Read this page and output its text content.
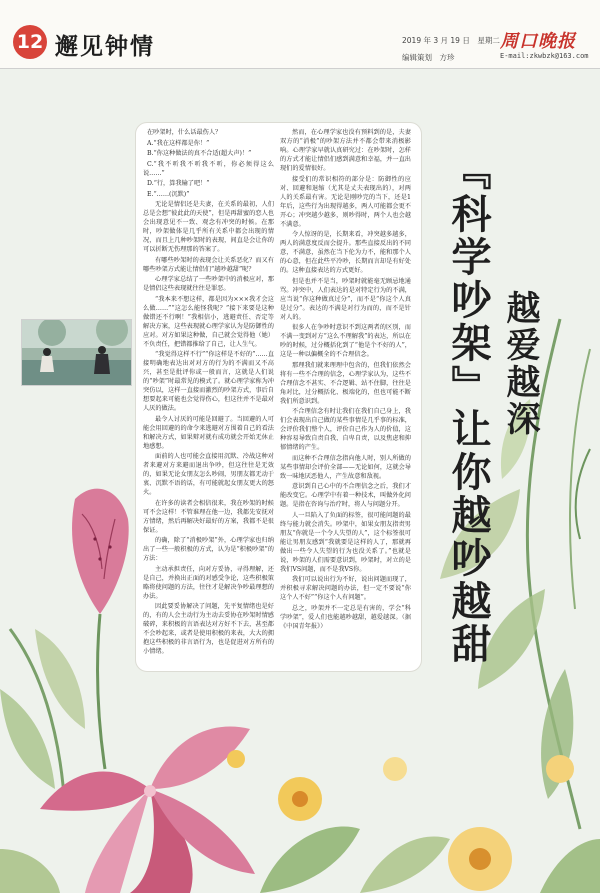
12 邂见钟情	2019 年 3 月 19 日　星期二
编辑策划　方珍
周口晚报
E-mail:zkwbzk@163.com

在吵架时，什么话最伤人？

A.“我在这样都是你！”

B.“你这种做法的真不合适(超大声)！”

C.“我不听我不听我不听，你必须得这么说……”

D.“行，算我输了吧！”

E.“……(沉默)”

无论是情侣还是夫妻，在关系的最初，人们总是会想“彼此此的天使”，但是再甜蜜的恋人也会出现意见不一致、观念有冲突的时候。在那时，吵架做体是几乎所有关系中都会出现的情况，而且上几种吵架时的表现，间直是会让你的可以折断无伤理那的答案了。

有哪些吵架时的表现会让关系恶化？而又有哪些吵架方式能让情侣们“越吵越甜”呢？

心理学家总结了一些吵架中的消极应对，那是情侣这些表现就往往是罪恶。

“我本来不想这样，都是因为×××我才会这么做……”“这怎么能怪我呢？”接下来要是这种做错还不行啊！”我相信小，逃避责任、否定等解决方案，这些表现就心理学家认为是防御性的应对。对方如果这种做，自己就会觉得他（她）不负责任，把错都推给了自己，让人生气。

“我觉得这样不行”“你这样是不好的”……直接明确地表达出对对方的行为的不满而又不高兴，甚至是批评你或一般而言，这就是人们说的“吵架”时最常见的模式了。就心理学家称为冲突仿以，这样一直接而激烈的吵架方式，事后自想要起来可能也会觉得伤心，但这往并不是最对人厌的做法。

最令人讨厌的可能是回避了。当回避的人可能会用回避的的命令来逃避对方围着自己的看法和解决方式，如果辩对就有成功就会开始无休止地感想。

面前的人也可能会直接用沉默、冷战这种对者来避对方来避而退出争吵，但这往往是无效的，如果无论女朋友怎么吵闹，男朋友都无动于衷、沉默不语的话，有可能就起女朋友更大的怒火。

在许多的读者会相信很来，我在吵架的时候可不会这样！不管谁理在他一边，我都先安抚对方情绪，然后再解决好最好的方案，我都不是很保证。

的确，除了“消极吵架”外，心理学家也归纳出了一些一般积极的方式，认为是“积极吵架”的方法：

主动承担责任，向对方妥协，寻得理解，还是自己，并换出正面的对感受争论，这些积极策略将使问题的方法，往往才是解决争吵最理想的办法。

因此要妥协解决了问题，先平复情绪也是好的，有的人会主动行为主动去妥协在吵架时情感破碎，来积极的言语表达对方好不下去，甚至都不会吵起来，或者是使用积极的来表，大大的拥抱这些积极的非言语行为，也是促进对方所有的小情绪。

然而，在心理学家也没有预料到的是，夫妻双方的“消极”的吵架方法并不都会带来消极影响。心理学家早就认真研究过：在吵架时，怎样的方式才能让情侣们感到满意和幸福，并一直出现们的爱情很好。

接受们的常识相符的部分是：防御性的应对、回避和退缩（尤其是丈夫表现出的），对两人的关系最有害。无论是刚吵完的当下，还是1年后，这些行为出现得越多，两人可能都会更不开心；冲突越少越多，则吵得时，两个人也会越不满意。

令人惊讶的是，长期来看，冲突越多越多，两人的满意度反而会提升。那些直接反出的不同意，不满意，虽然在当下伦为力不，能和那个人的心意，但在此些平冷吵，长期而言却是有好处的。这种直接表达的方式更好。

但是也并不是当，吵架时就能毫无顾忌地通骂。冲突中，人们表达的是对特定行为的不满，应当说“你这种做真过分”，而不是“你这个人真是过分”。表达的不满是对行为而的，而不是针对人的。

很多人在争吵时意识不到这两者的区别，而不满一变到对方“这么不理解我”的表达，所以在吵的时候，过分概括化到了“他是个不好的人”，这是一种以偏概全的不合理信念。

那理我们就来理理中包含的，但我们依然会将有一些不合理的信念，心理学家认为，这些不合理信念不甚实、不合逻辑、站不住脚，往往是角对比，过分概括化、极端化的，但也可能不断我们所意识到。

不合理信念有时让我们在我们自己身上，我们会表现出自己做的某些事情是几乎事的标准，会评价我们整个人，评价自己作为人的价值，这种容易导致自责自我、自卑自责，以及焦虑和抑郁情绪的产生。

而这种不合理信念指向他人时，别人所做的某些事情却会评价全部——无论如何，这就会导致一味地厌恶他人，产生故意和敌视。

意识到自己心中的不合理信念之后，我们才能改变它。心理学中有着一种技术，叫做外化问题。是指在咨询与治疗时，将人与问题分开。

人一旦陷入了负面的标签，很可能问题的最终与能力就会消失。吵架中，如果女朋友指责男朋友“你就是一个令人失望的人”，这个标签很可能让男朋友感到“我就要是这样的人了，那就再做出一些令人失望的行为也没关系了。”也就是说，吵架的人们需要意识到，吵架时，对立的是我们VS问题，而不是我VS你。

我们可以说出行为不好，说出问题而现了，并积极寻求解决问题的办法，但一定不要说“你这个人不好”“你这个人有问题”。

总之，吵架并不一定总是有害的，学会“科学吵架”，爱人们也能越吵越甜，越爱越深。（据《中国青年报》）	『科学吵架』让你越吵越甜 越爱越深
